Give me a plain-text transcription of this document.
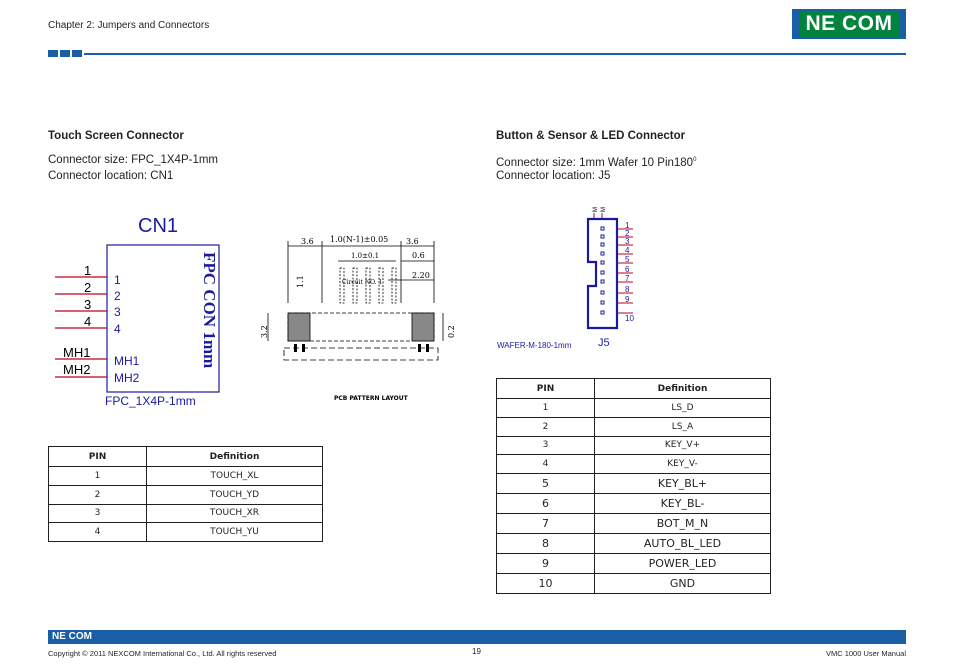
Chapter 2: Jumpers and Connectors	NE COM
Touch Screen Connector
Connector size: FPC_1X4P-1mm
Connector location: CN1
CN1
FPC CON 1mm
1
2
3
4
MH1
MH2
1
2
3
4
MH1
MH2
FPC_1X4P-1mm
3.6 1.0(N-1)±0.05 3.6
1.0±0.1	0.6
Circuit NO. 1
2.20
1.1
3.2	0.2
PCB PATTERN LAYOUT
PIN	Definition
1	TOUCH_XL
2	TOUCH_YD
3	TOUCH_XR
4	TOUCH_YU
Button & Sensor & LED Connector
Connector size: 1mm Wafer 10 $Pin180^0$
Connector location: J5
M M
1
2
3
4
5
6
7
8
9
10
WAFER-M-180-1mm J5
PIN	Definition
1	LS_D
2	LS_A
3	KEY_V+
4	KEY_V-
5	KEY_BL+
6	KEY_BL-
7	BOT_M_N
8	AUTO_BL_LED
9	POWER_LED
10	GND
NE COM
Copyright © 2011 NEXCOM International Co., Ltd. All rights reserved	19	VMC 1000 User Manual
